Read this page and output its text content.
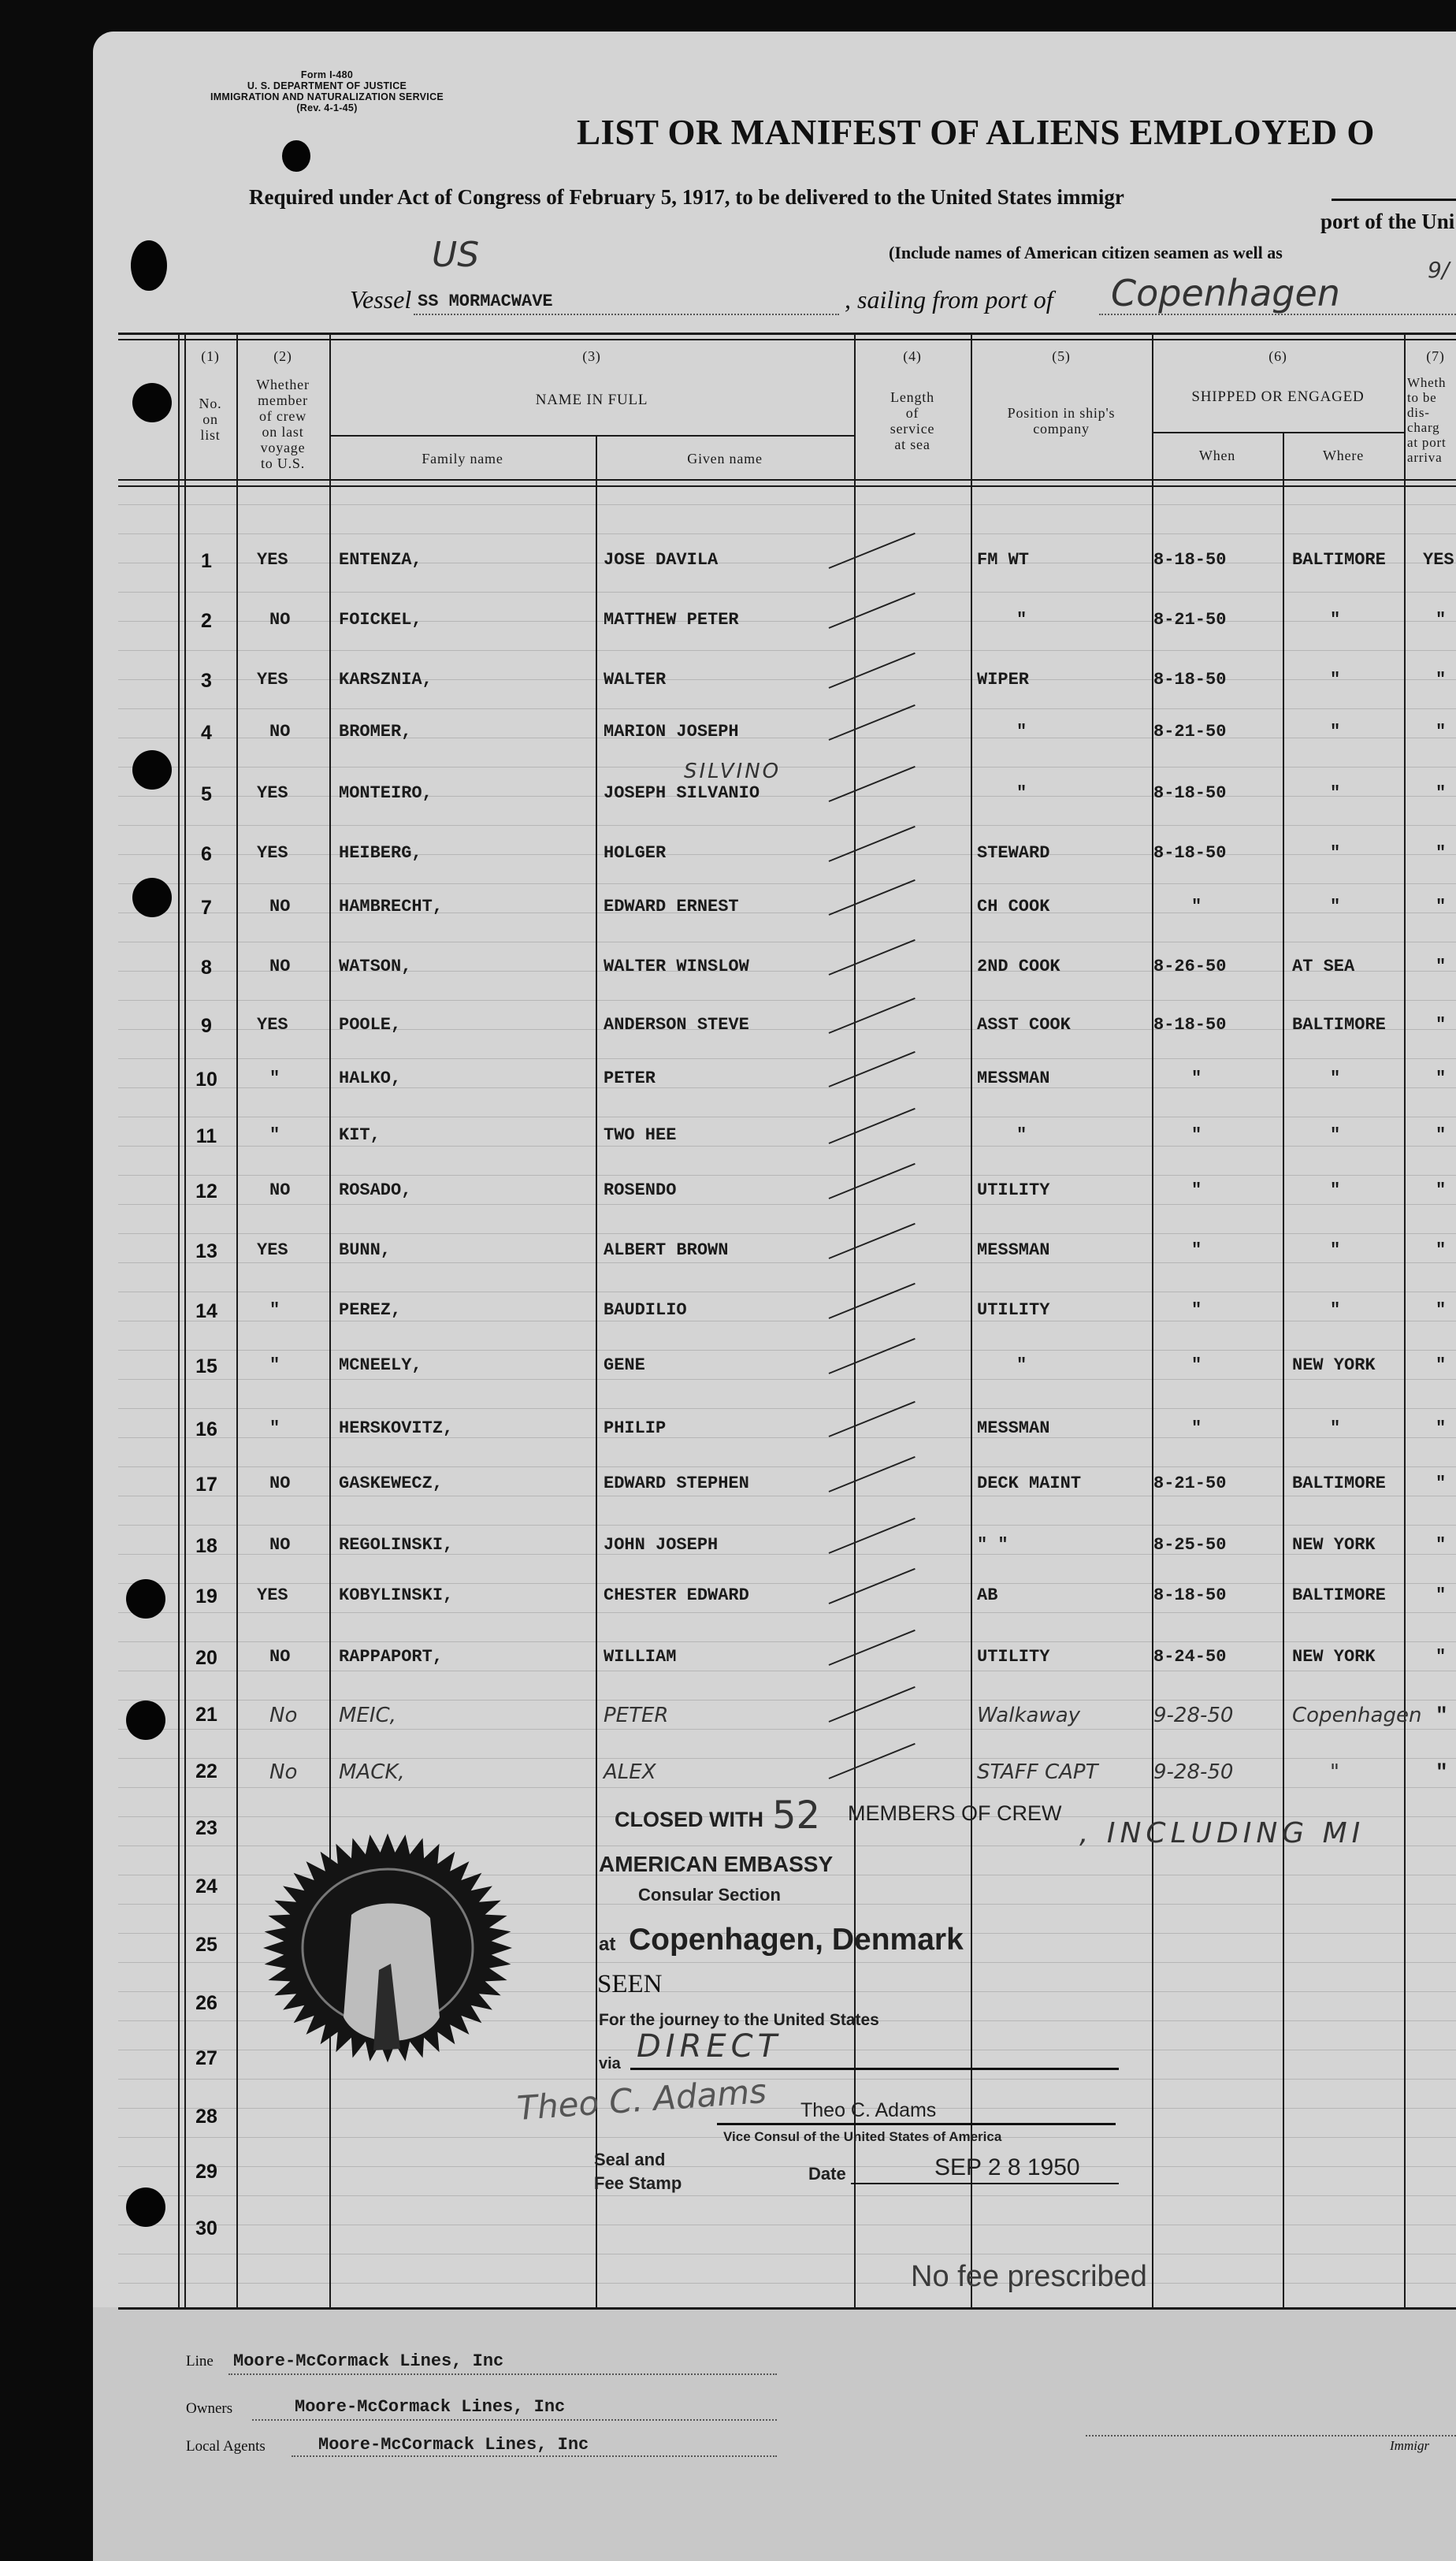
Form I-480
U. S. DEPARTMENT OF JUSTICE
IMMIGRATION AND NATURALIZATION SERVICE
(Rev. 4-1-45)
LIST OR MANIFEST OF ALIENS EMPLOYED O
Required under Act of Congress of February 5, 1917, to be delivered to the United States immigr
port of the Uni
(Include names of American citizen seamen as well as
US	9/
Vessel SS MORMACWAVE	, sailing from port of Copenhagen
(1)
No.
on
list
(2)
Whether
member
of crew
on last
voyage
to U.S.
(3)
NAME IN FULL
Family name	Given name
(4)
Length
of
service
at sea
(5)
Position in ship's
company
(6)
SHIPPED OR ENGAGED
When	Where
(7)
Wheth
to be
dis-
charg
at port
arriva
1	YES	ENTENZA,	JOSE DAVILA	FM WT	8-18-50	BALTIMORE YES
2	NO	FOICKEL,	MATTHEW PETER	"	8-21-50	"	"
3	YES	KARSZNIA,	WALTER	WIPER	8-18-50	"	"
4	NO	BROMER,	MARION JOSEPH	"	8-21-50	"	"
5	YES	MONTEIRO,	JOSEPH SILVANIO	"	8-18-50	"	"
SILVINO
6	YES	HEIBERG,	HOLGER	STEWARD	8-18-50	"	"
7	NO	HAMBRECHT,	EDWARD ERNEST	CH COOK	"	"	"
8	NO	WATSON,	WALTER WINSLOW	2ND COOK	8-26-50	AT SEA	"
9	YES	POOLE,	ANDERSON STEVE	ASST COOK	8-18-50	BALTIMORE	"
10	"	HALKO,	PETER	MESSMAN	"	"	"
11	"	KIT,	TWO HEE	"	"	"	"
12	NO	ROSADO,	ROSENDO	UTILITY	"	"	"
13	YES	BUNN,	ALBERT BROWN	MESSMAN	"	"	"
14	"	PEREZ,	BAUDILIO	UTILITY	"	"	"
15	"	MCNEELY,	GENE	"	"	NEW YORK	"
16	"	HERSKOVITZ,	PHILIP	MESSMAN	"	"	"
17	NO	GASKEWECZ,	EDWARD STEPHEN	DECK MAINT	8-21-50	BALTIMORE	"
18	NO	REGOLINSKI,	JOHN JOSEPH	" "	8-25-50	NEW YORK	"
19	YES	KOBYLINSKI,	CHESTER EDWARD	AB	8-18-50	BALTIMORE	"
20	NO	RAPPAPORT,	WILLIAM	UTILITY	8-24-50	NEW YORK	"
21	No MEIC,	PETER	Walkaway	9-28-50	Copenhagen "
22	No MACK,	ALEX	STAFF CAPT	9-28-50	"	"
23
24
25
26
27
28
29
30
CLOSED WITH 52 MEMBERS OF CREW
, INCLUDING MI
AMERICAN EMBASSY
Consular Section
at Copenhagen, Denmark
SEEN
For the journey to the United States
via DIRECT
Theo C. Adams Theo C. Adams
Vice Consul of the United States of America
Seal and
Fee Stamp	Date	SEP 2 8 1950
No fee prescribed
Line Moore-McCormack Lines, Inc
Owners	Moore-McCormack Lines, Inc
Local Agents	Moore-McCormack Lines, Inc	Immigr
